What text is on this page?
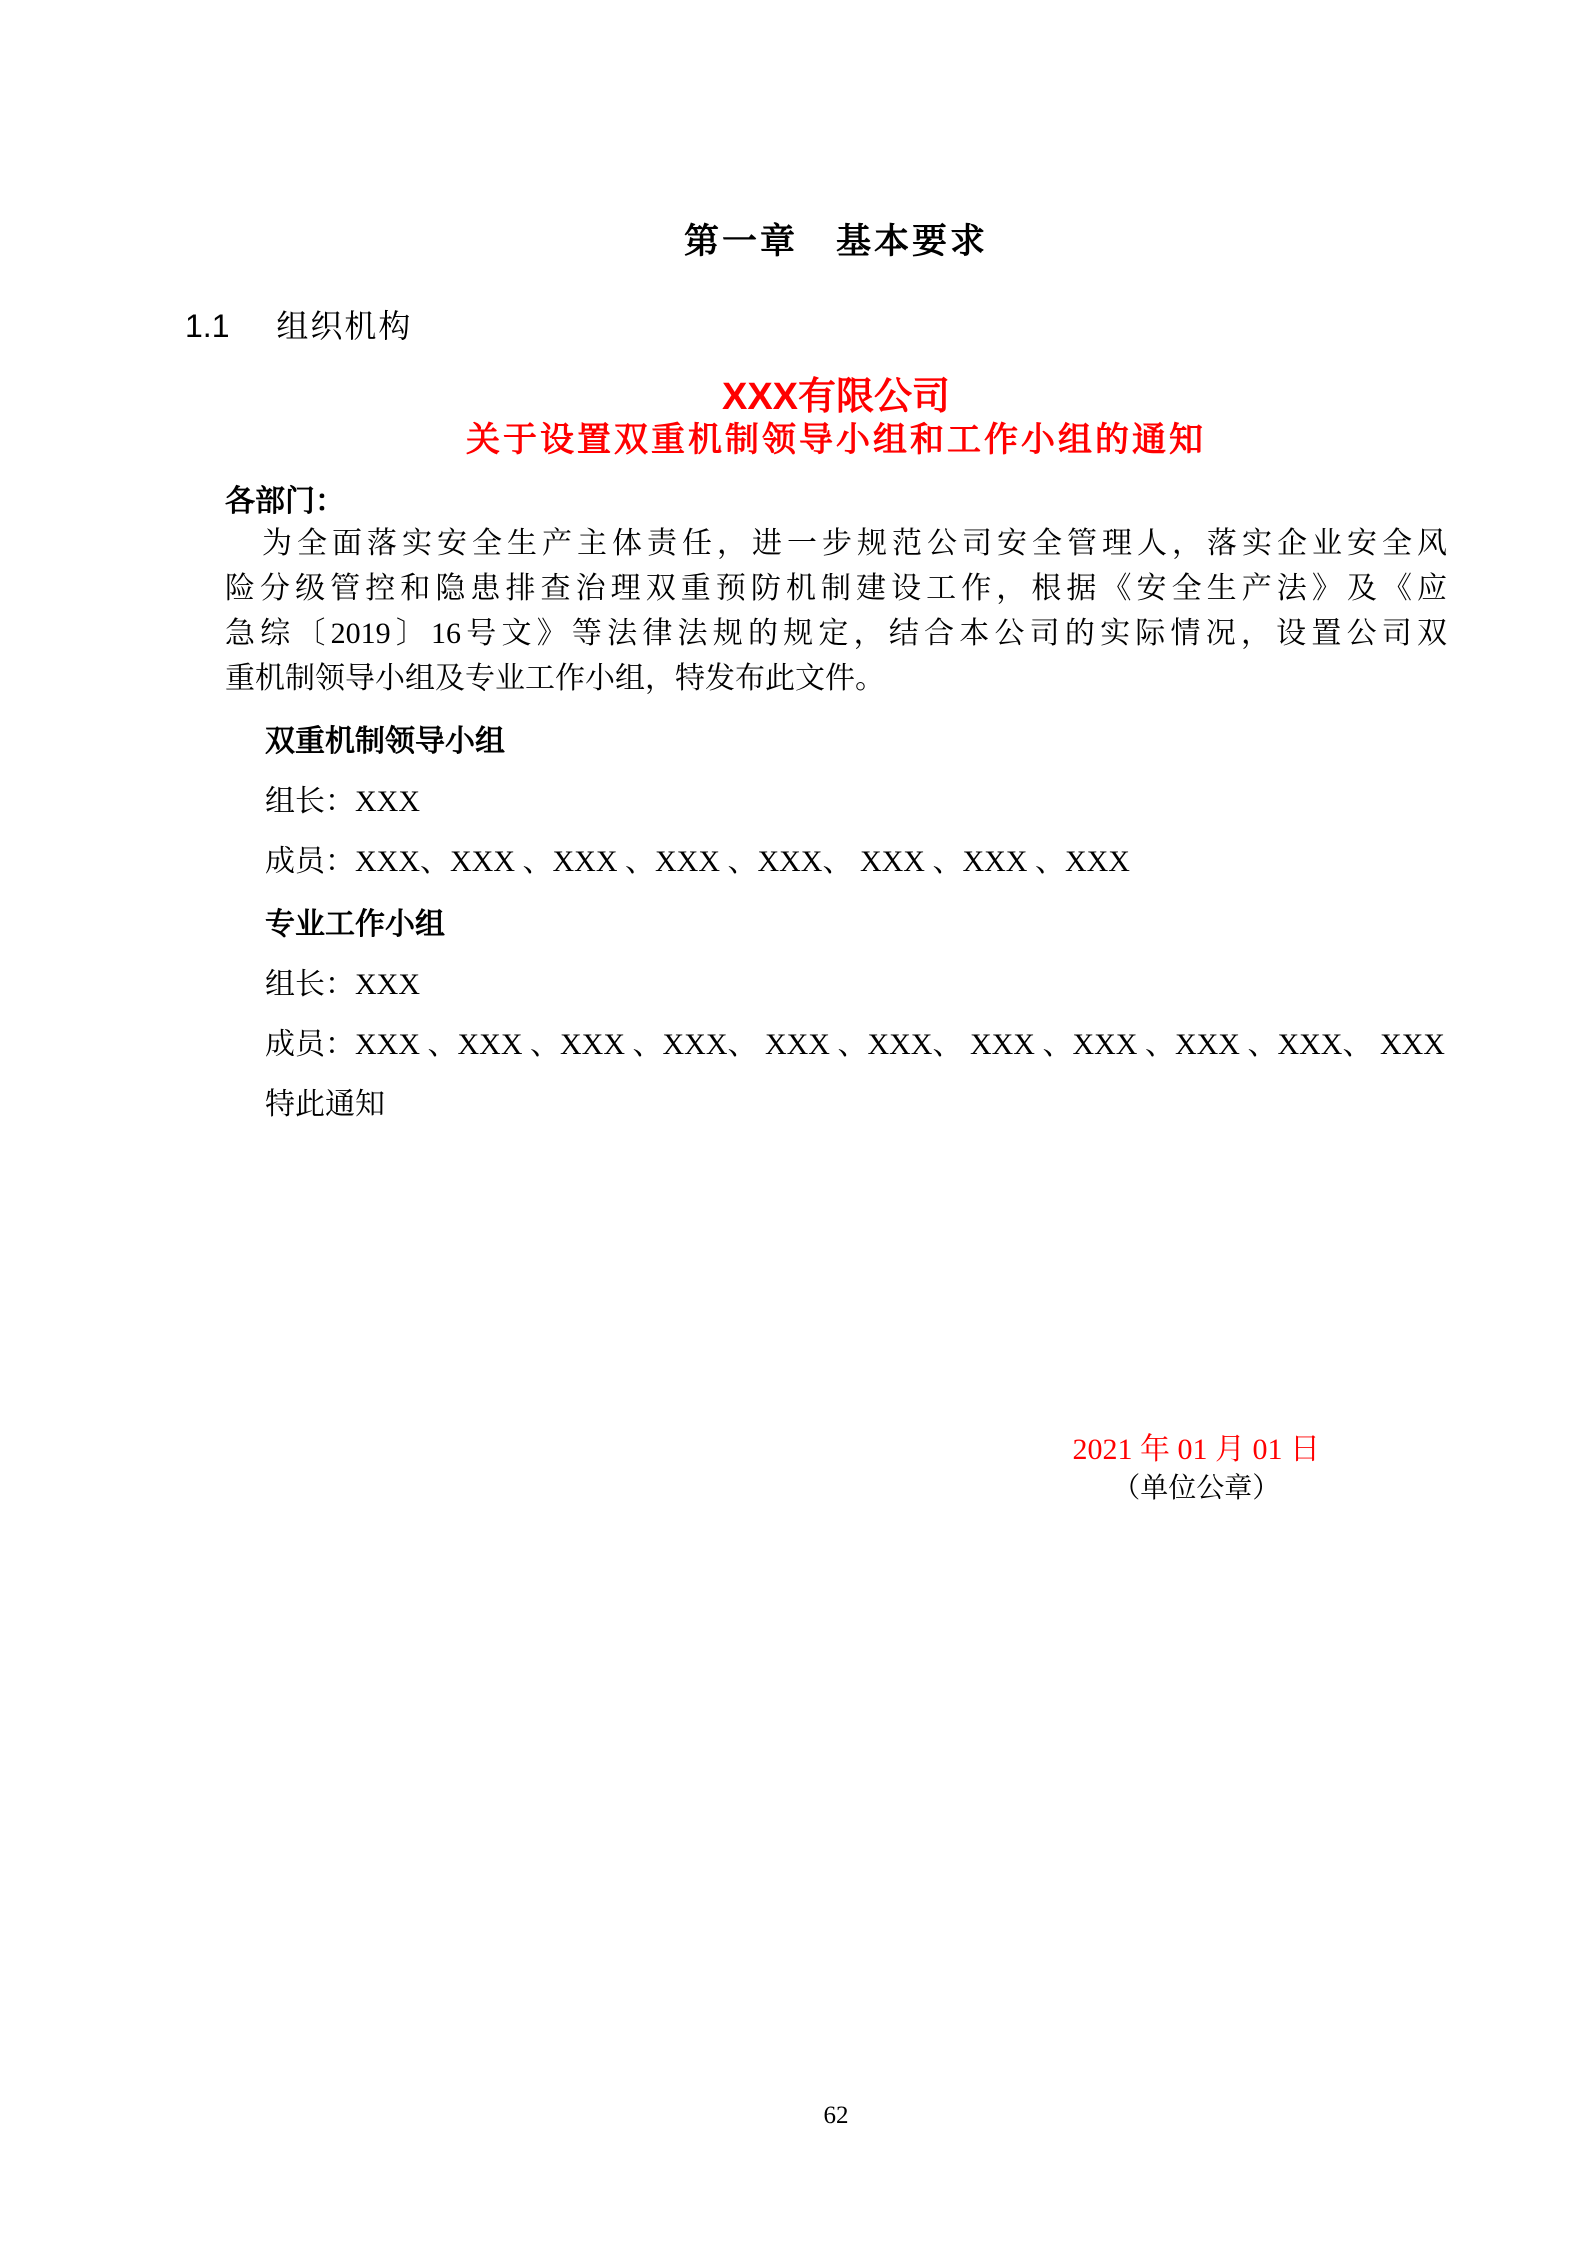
第一章　基本要求
1.1 组织机构
XXX有限公司
关于设置双重机制领导小组和工作小组的通知
各部门：
为全面落实安全生产主体责任，进一步规范公司安全管理人，落实企业安全风
险分级管控和隐患排查治理双重预防机制建设工作，根据《安全生产法》及《应
急综〔2019〕16号文》等法律法规的规定，结合本公司的实际情况，设置公司双
重机制领导小组及专业工作小组，特发布此文件。
双重机制领导小组
组长：XXX
成员：XXX、XXX 、XXX 、XXX 、XXX、 XXX 、XXX 、XXX
专业工作小组
组长：XXX
成员：XXX 、XXX 、XXX 、XXX、 XXX 、XXX、 XXX 、XXX 、XXX 、XXX、 XXX
特此通知
2021 年 01 月 01 日
（单位公章）
62
